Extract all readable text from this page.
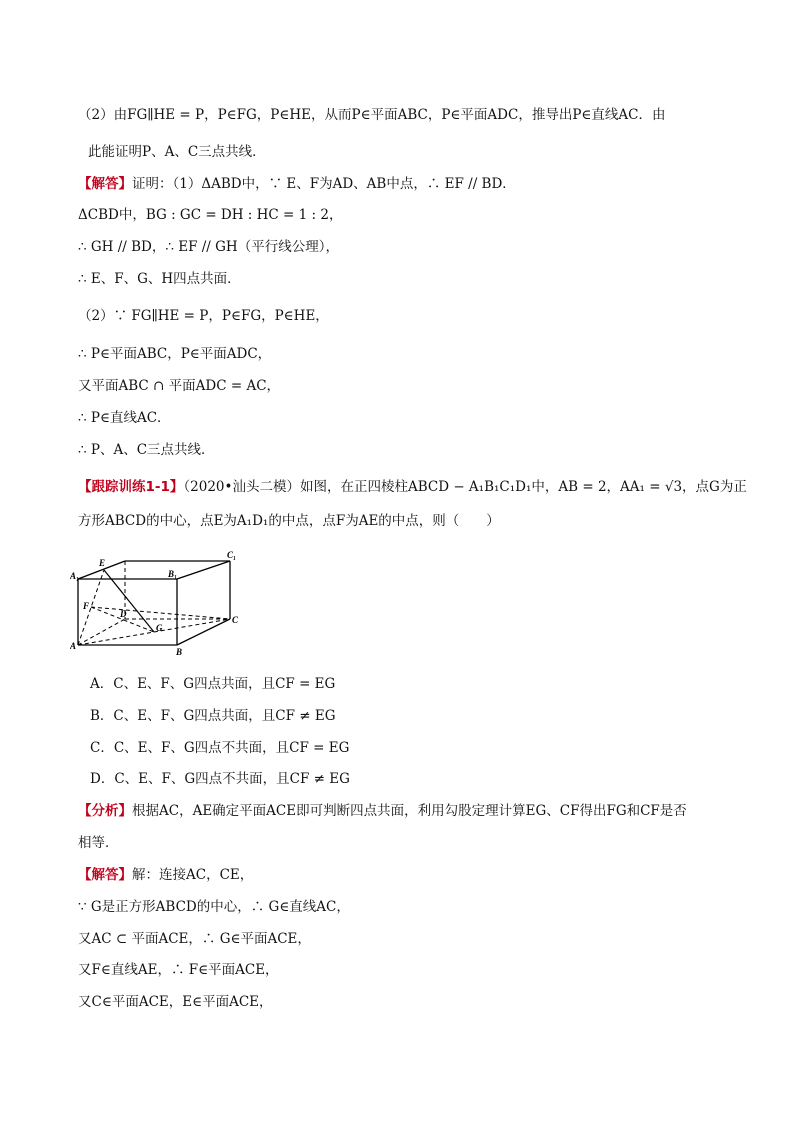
（2）由FG∥HE = P，P∈FG，P∈HE，从而P∈平面ABC，P∈平面ADC，推导出P∈直线AC．由
此能证明P、A、C三点共线．
【解答】证明：（1）ΔABD中，∵ E、F为AD、AB中点，∴ EF // BD．
ΔCBD中，BG : GC = DH : HC = 1 : 2，
∴ GH // BD，∴ EF // GH（平行线公理），
∴ E、F、G、H四点共面．
（2）∵ FG∥HE = P，P∈FG，P∈HE，
∴ P∈平面ABC，P∈平面ADC，
又平面ABC ∩ 平面ADC = AC，
∴ P∈直线AC．
∴ P、A、C三点共线．
【跟踪训练1-1】（2020•汕头二模）如图，在正四棱柱ABCD − A₁B₁C₁D₁中，AB = 2，AA₁ = √3，点G为正
方形ABCD的中心，点E为A₁D₁的中点，点F为AE的中点，则（　　）
A₁
E
B₁
C₁
F
D
G
C
A
B
A．C、E、F、G四点共面，且CF = EG
B．C、E、F、G四点共面，且CF ≠ EG
C．C、E、F、G四点不共面，且CF = EG
D．C、E、F、G四点不共面，且CF ≠ EG
【分析】根据AC，AE确定平面ACE即可判断四点共面，利用勾股定理计算EG、CF得出FG和CF是否
相等．
【解答】解：连接AC，CE，
∵ G是正方形ABCD的中心，∴ G∈直线AC，
又AC ⊂ 平面ACE，∴ G∈平面ACE，
又F∈直线AE，∴ F∈平面ACE，
又C∈平面ACE，E∈平面ACE，
